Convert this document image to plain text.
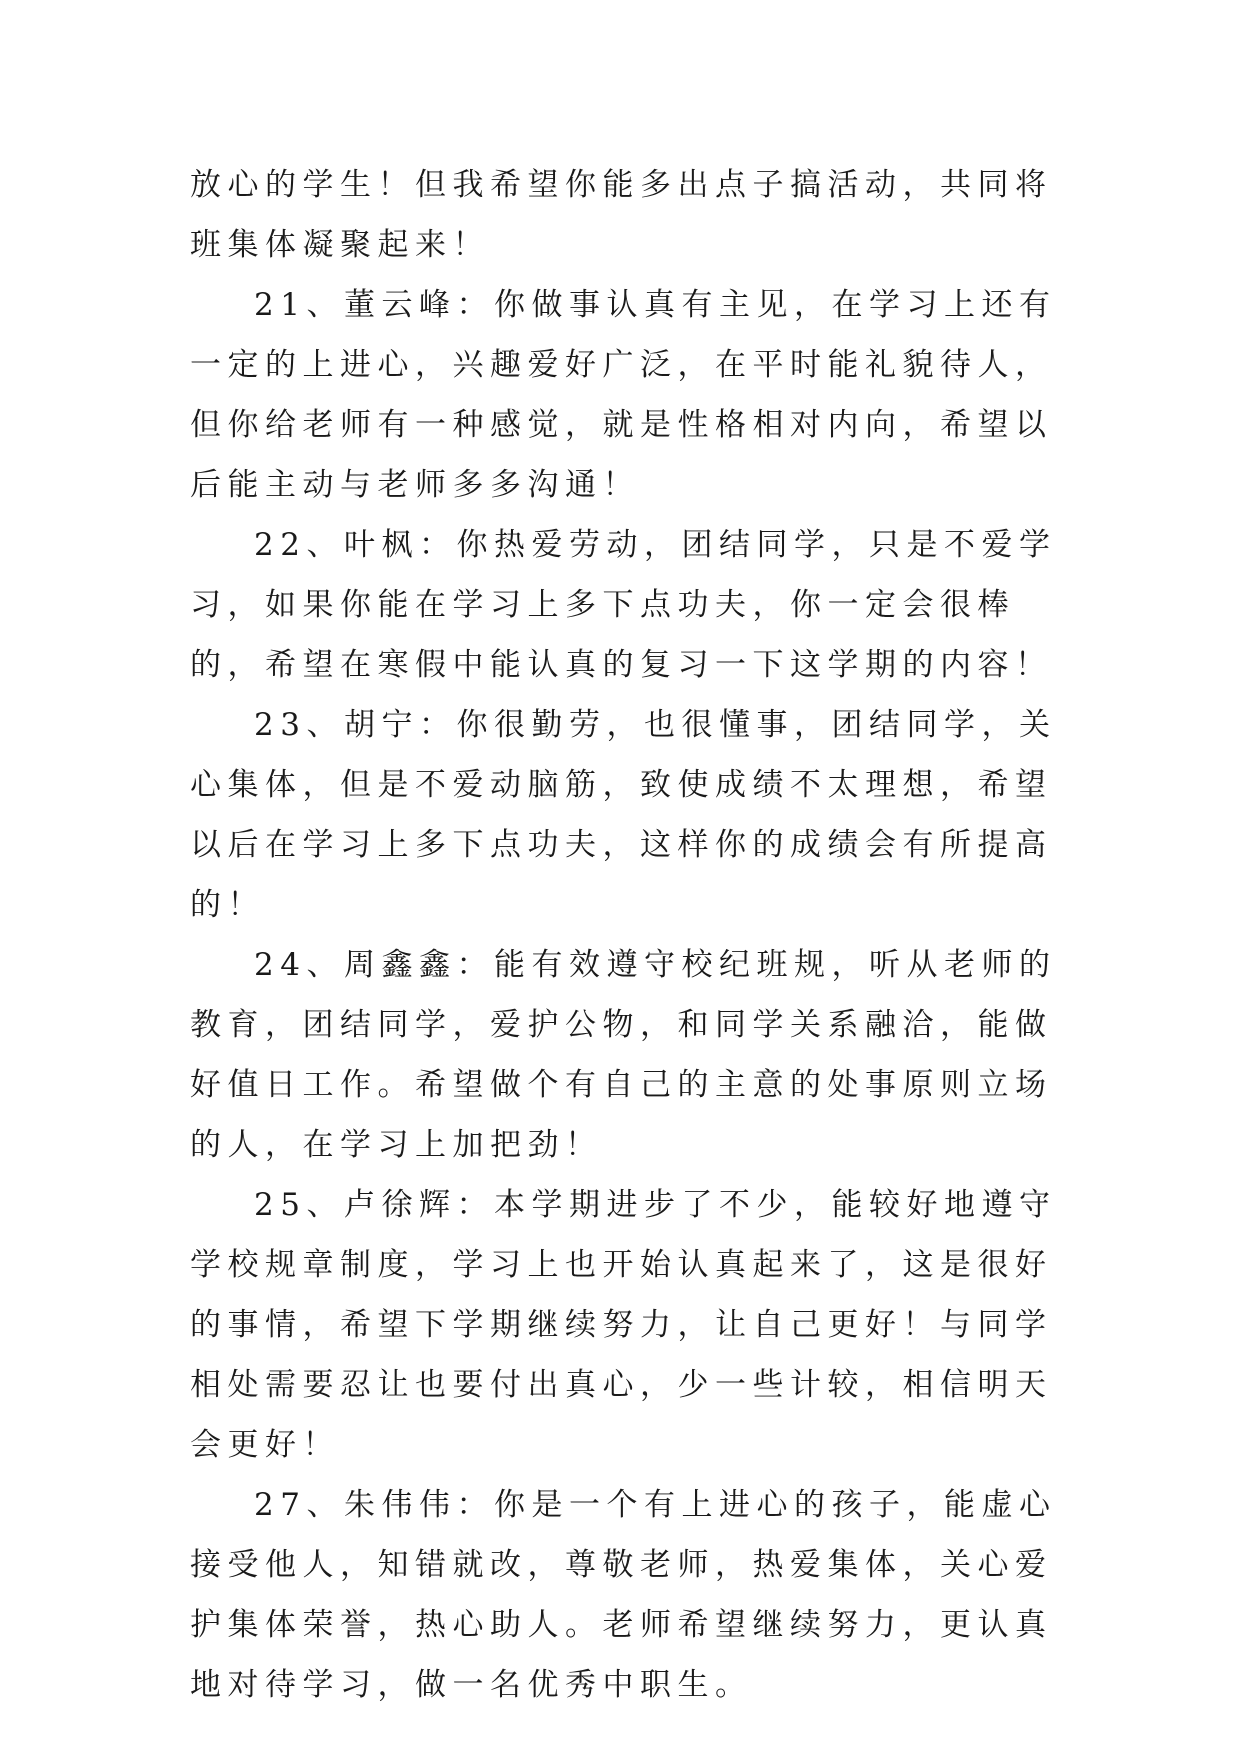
放心的学生！但我希望你能多出点子搞活动，共同将班集体凝聚起来！

21、董云峰：你做事认真有主见，在学习上还有一定的上进心，兴趣爱好广泛，在平时能礼貌待人，但你给老师有一种感觉，就是性格相对内向，希望以后能主动与老师多多沟通！

22、叶枫：你热爱劳动，团结同学，只是不爱学习，如果你能在学习上多下点功夫，你一定会很棒的，希望在寒假中能认真的复习一下这学期的内容！

23、胡宁：你很勤劳，也很懂事，团结同学，关心集体，但是不爱动脑筋，致使成绩不太理想，希望以后在学习上多下点功夫，这样你的成绩会有所提高的！

24、周鑫鑫：能有效遵守校纪班规，听从老师的教育，团结同学，爱护公物，和同学关系融洽，能做好值日工作。希望做个有自己的主意的处事原则立场的人，在学习上加把劲！

25、卢徐辉：本学期进步了不少，能较好地遵守学校规章制度，学习上也开始认真起来了，这是很好的事情，希望下学期继续努力，让自己更好！与同学相处需要忍让也要付出真心，少一些计较，相信明天会更好！

27、朱伟伟：你是一个有上进心的孩子，能虚心接受他人，知错就改，尊敬老师，热爱集体，关心爱护集体荣誉，热心助人。老师希望继续努力，更认真地对待学习，做一名优秀中职生。
